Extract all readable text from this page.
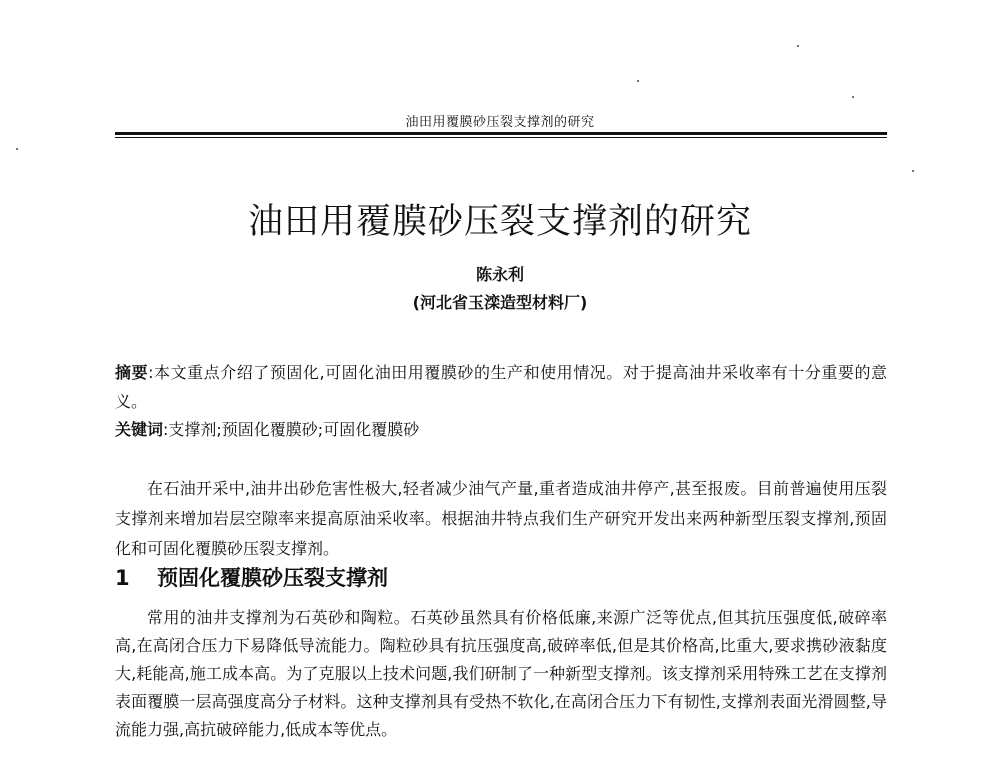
油田用覆膜砂压裂支撑剂的研究
油田用覆膜砂压裂支撑剂的研究
陈永利
(河北省玉滦造型材料厂)
摘要:本文重点介绍了预固化,可固化油田用覆膜砂的生产和使用情况。对于提高油井采收率有十分重要的意义。
关键词:支撑剂;预固化覆膜砂;可固化覆膜砂
在石油开采中,油井出砂危害性极大,轻者减少油气产量,重者造成油井停产,甚至报废。目前普遍使用压裂支撑剂来增加岩层空隙率来提高原油采收率。根据油井特点我们生产研究开发出来两种新型压裂支撑剂,预固化和可固化覆膜砂压裂支撑剂。
1 预固化覆膜砂压裂支撑剂
常用的油井支撑剂为石英砂和陶粒。石英砂虽然具有价格低廉,来源广泛等优点,但其抗压强度低,破碎率高,在高闭合压力下易降低导流能力。陶粒砂具有抗压强度高,破碎率低,但是其价格高,比重大,要求携砂液黏度大,耗能高,施工成本高。为了克服以上技术问题,我们研制了一种新型支撑剂。该支撑剂采用特殊工艺在支撑剂表面覆膜一层高强度高分子材料。这种支撑剂具有受热不软化,在高闭合压力下有韧性,支撑剂表面光滑圆整,导流能力强,高抗破碎能力,低成本等优点。
